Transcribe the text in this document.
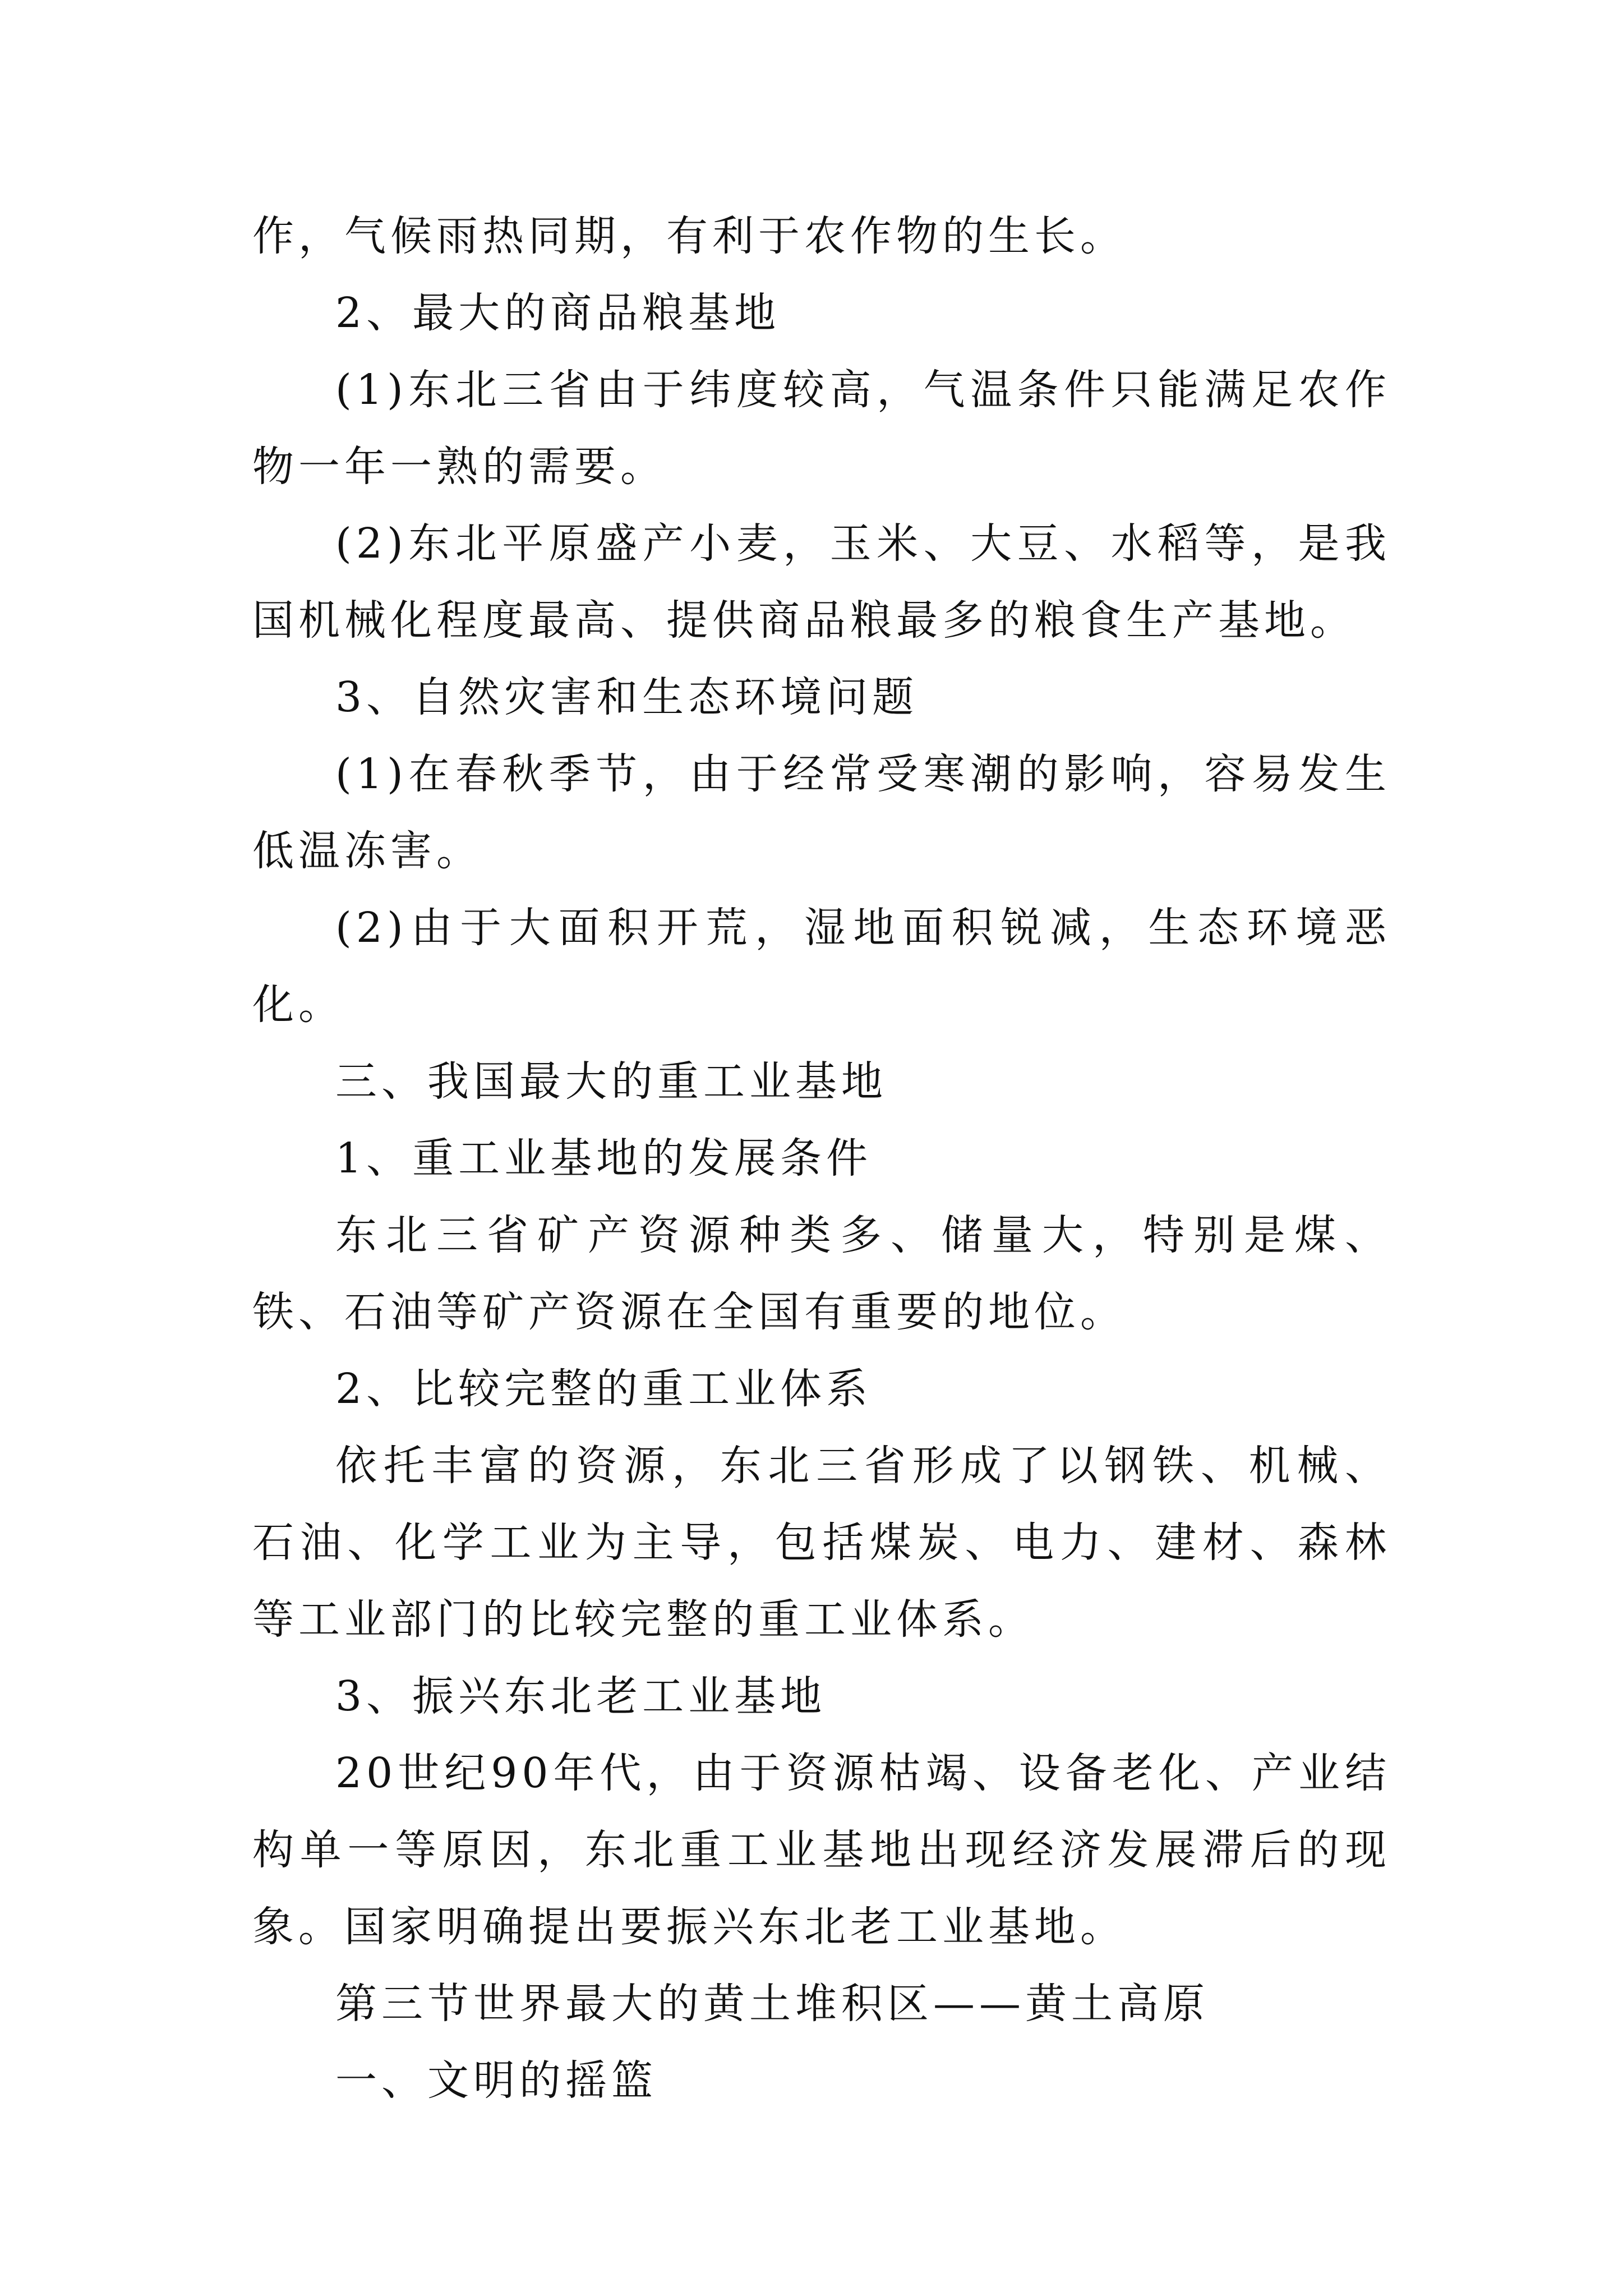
作，气候雨热同期，有利于农作物的生长。

2、最大的商品粮基地

(1)东北三省由于纬度较高，气温条件只能满足农作物一年一熟的需要。

(2)东北平原盛产小麦，玉米、大豆、水稻等，是我国机械化程度最高、提供商品粮最多的粮食生产基地。

3、自然灾害和生态环境问题

(1)在春秋季节，由于经常受寒潮的影响，容易发生低温冻害。

(2)由于大面积开荒，湿地面积锐减，生态环境恶化。

三、我国最大的重工业基地

1、重工业基地的发展条件

东北三省矿产资源种类多、储量大，特别是煤、铁、石油等矿产资源在全国有重要的地位。

2、比较完整的重工业体系

依托丰富的资源，东北三省形成了以钢铁、机械、石油、化学工业为主导，包括煤炭、电力、建材、森林等工业部门的比较完整的重工业体系。

3、振兴东北老工业基地

20世纪90年代，由于资源枯竭、设备老化、产业结构单一等原因，东北重工业基地出现经济发展滞后的现象。国家明确提出要振兴东北老工业基地。

第三节世界最大的黄土堆积区——黄土高原

一、文明的摇篮
